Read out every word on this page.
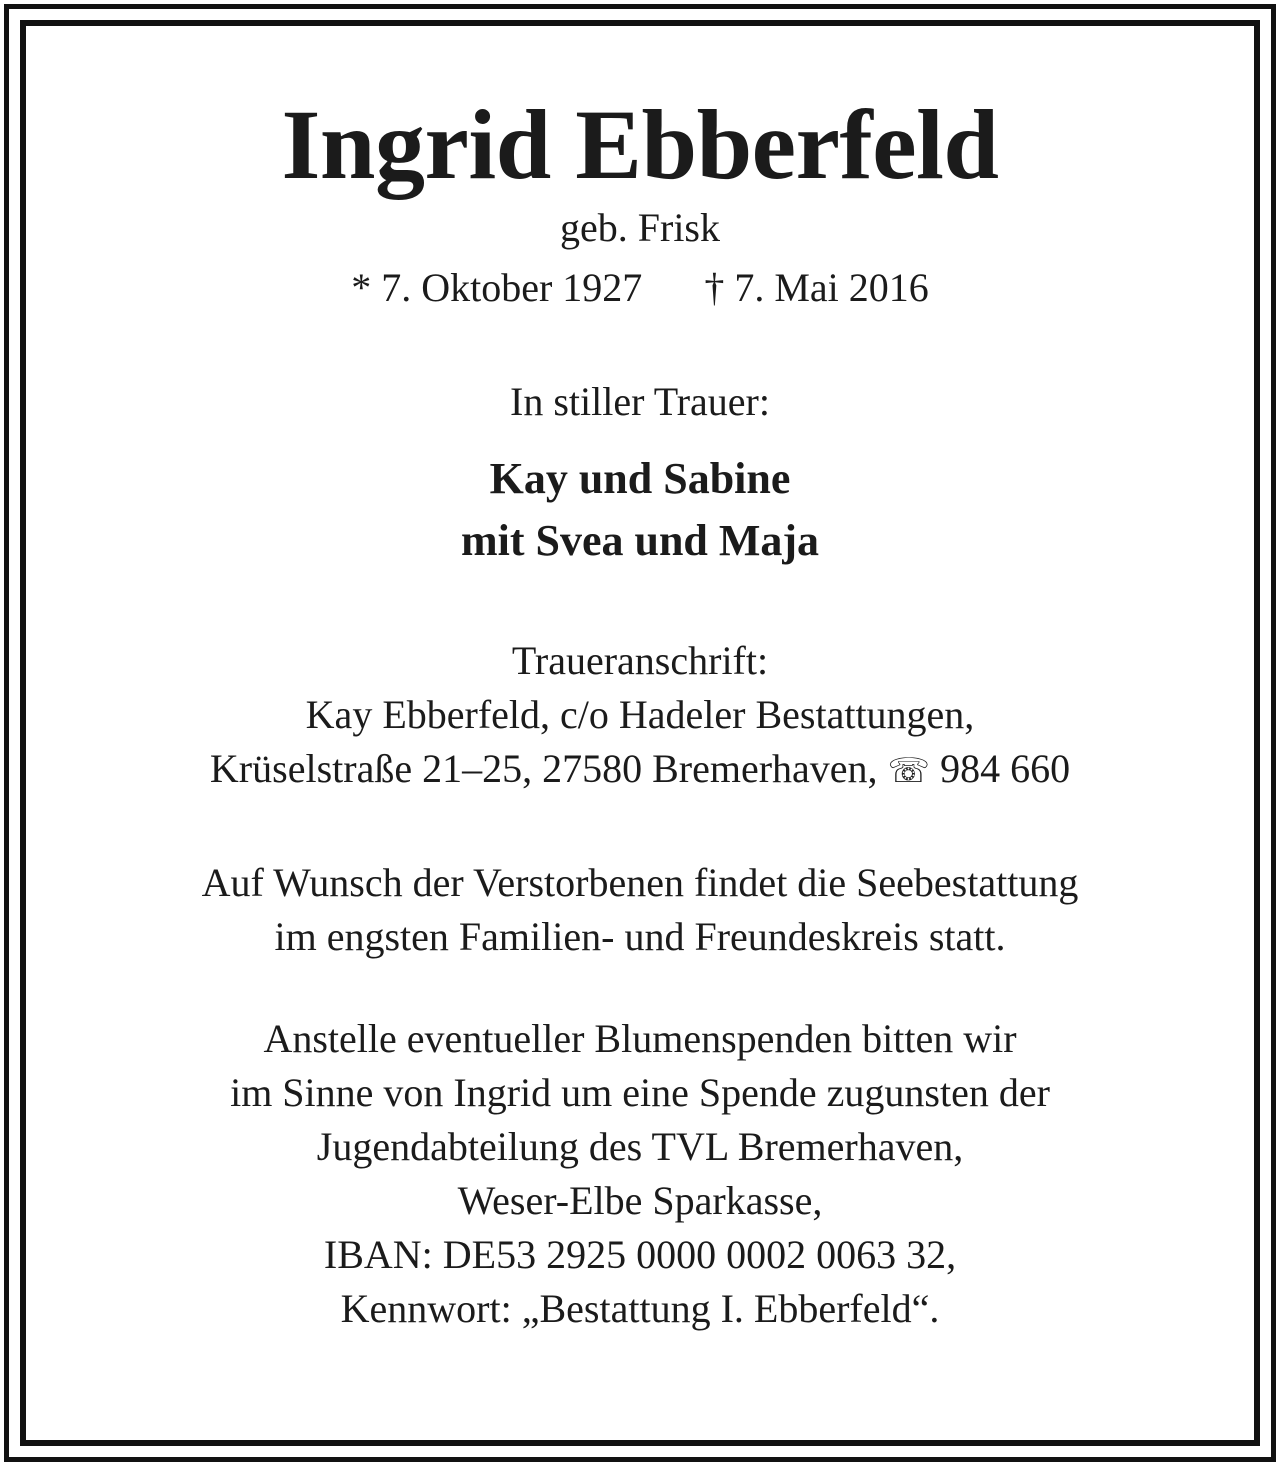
Ingrid Ebberfeld

geb. Frisk

* 7. Oktober 1927 † 7. Mai 2016

In stiller Trauer:

Kay und Sabine
mit Svea und Maja
Traueranschrift:
Kay Ebberfeld, c/o Hadeler Bestattungen,
Krüselstraße 21–25, 27580 Bremerhaven, ☏ 984 660
Auf Wunsch der Verstorbenen findet die Seebestattung
im engsten Familien- und Freundeskreis statt.
Anstelle eventueller Blumenspenden bitten wir
im Sinne von Ingrid um eine Spende zugunsten der
Jugendabteilung des TVL Bremerhaven,
Weser-Elbe Sparkasse,
IBAN: DE53 2925 0000 0002 0063 32,
Kennwort: „Bestattung I. Ebberfeld“.
